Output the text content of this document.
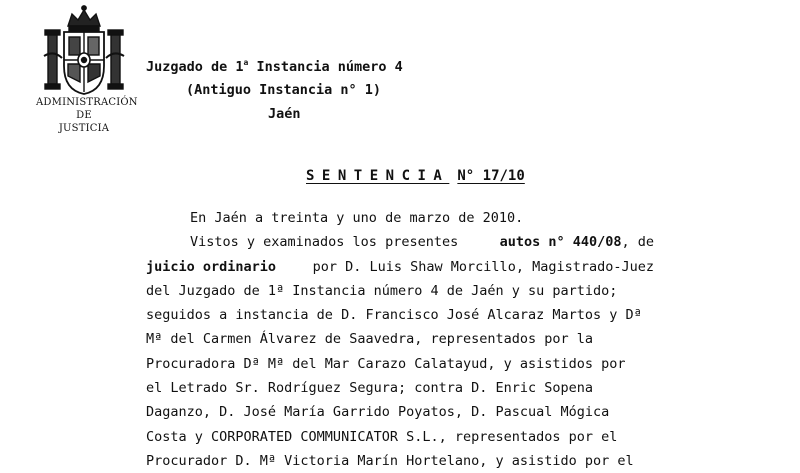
ADMINISTRACIÓN
DE
JUSTICIA
Juzgado de 1$^a$ Instancia número 4
(Antiguo Instancia n° 1)
Jaén
SENTENCIA N° 17/10
En Jaén a treinta y uno de marzo de 2010.
Vistos y examinados los presentes	autos n° 440/08, de
juicio ordinario	por D. Luis Shaw Morcillo, Magistrado-Juez
del Juzgado de 1ª Instancia número 4 de Jaén y su partido;
seguidos a instancia de D. Francisco José Alcaraz Martos y Dª
Mª del Carmen Álvarez de Saavedra, representados por la
Procuradora Dª Mª del Mar Carazo Calatayud, y asistidos por
el Letrado Sr. Rodríguez Segura; contra D. Enric Sopena
Daganzo, D. José María Garrido Poyatos, D. Pascual Mógica
Costa y CORPORATED COMMUNICATOR S.L., representados por el
Procurador D. Mª Victoria Marín Hortelano, y asistido por el
